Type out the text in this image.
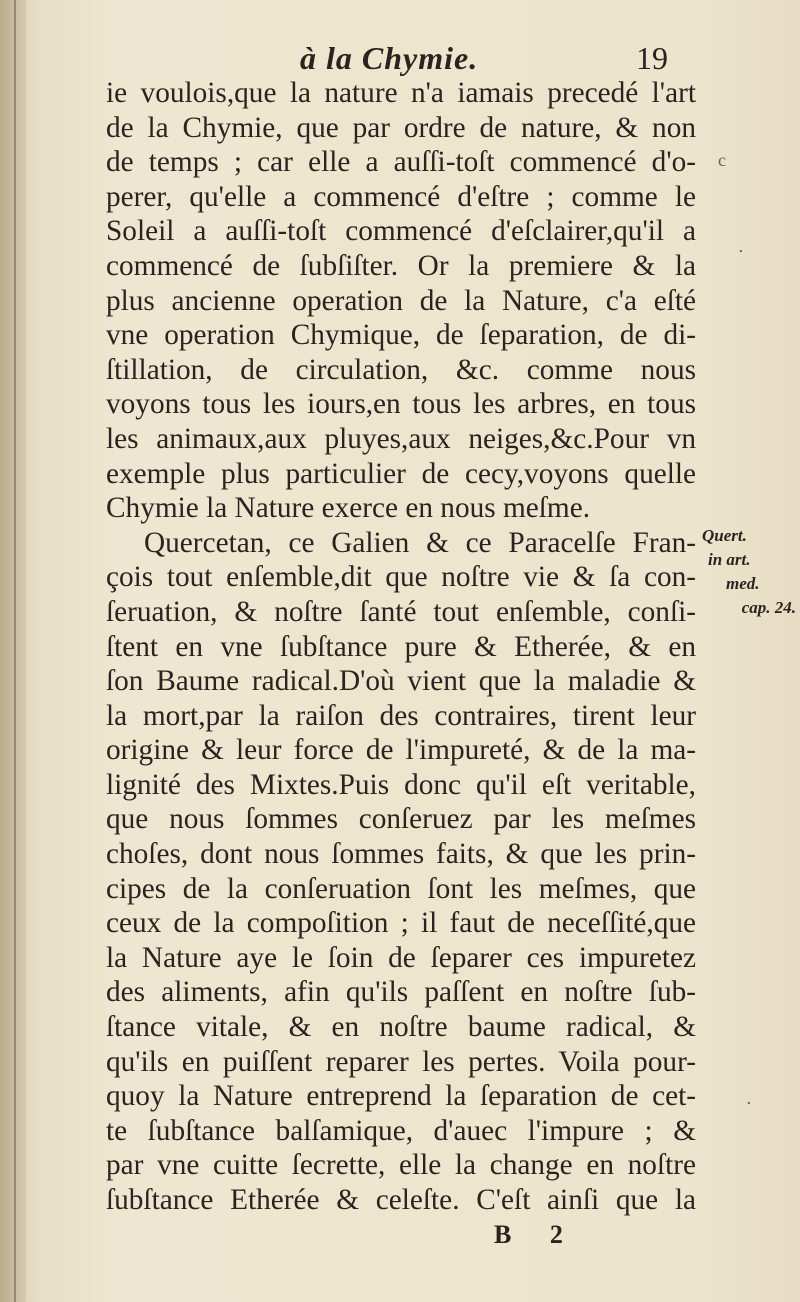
à la Chymie.	19
ie voulois,que la nature n'a iamais precedé l'art
de la Chymie, que par ordre de nature, & non
de temps ; car elle a auſſi-toſt commencé d'o-
perer, qu'elle a commencé d'eſtre ; comme le
Soleil a auſſi-toſt commencé d'eſclairer,qu'il a
commencé de ſubſiſter. Or la premiere & la
plus ancienne operation de la Nature, c'a eſté
vne operation Chymique, de ſeparation, de di-
ſtillation, de circulation, &c. comme nous
voyons tous les iours,en tous les arbres, en tous
les animaux,aux pluyes,aux neiges,&c.Pour vn
exemple plus particulier de cecy,voyons quelle
Chymie la Nature exerce en nous meſme.
Quercetan, ce Galien & ce Paracelſe Fran-
çois tout enſemble,dit que noſtre vie & ſa con-
ſeruation, & noſtre ſanté tout enſemble, conſi-
ſtent en vne ſubſtance pure & Etherée, & en
ſon Baume radical.D'où vient que la maladie &
la mort,par la raiſon des contraires, tirent leur
origine & leur force de l'impureté, & de la ma-
lignité des Mixtes.Puis donc qu'il eſt veritable,
que nous ſommes conſeruez par les meſmes
choſes, dont nous ſommes faits, & que les prin-
cipes de la conſeruation ſont les meſmes, que
ceux de la compoſition ; il faut de neceſſité,que
la Nature aye le ſoin de ſeparer ces impuretez
des aliments, afin qu'ils paſſent en noſtre ſub-
ſtance vitale, & en noſtre baume radical, &
qu'ils en puiſſent reparer les pertes. Voila pour-
quoy la Nature entreprend la ſeparation de cet-
te ſubſtance balſamique, d'auec l'impure ; &
par vne cuitte ſecrette, elle la change en noſtre
ſubſtance Etherée & celeſte. C'eſt ainſi que la
Quert.
in art.
med.
cap. 24.
c
.
.
B 2
